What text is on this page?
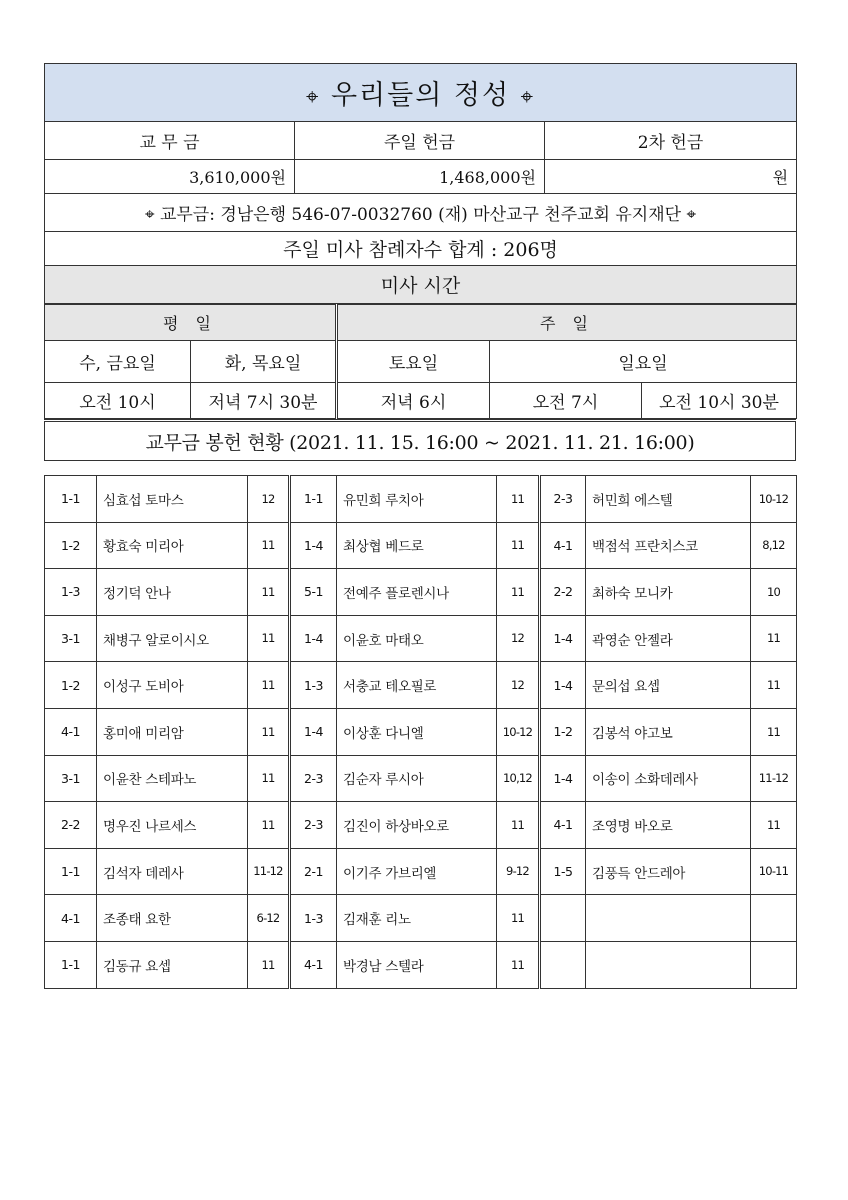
⌖ 우리들의 정성 ⌖		
교 무 금	주일 헌금	2차 헌금
3,610,000원	1,468,000원	원
⌖ 교무금: 경남은행 546-07-0032760 (재) 마산교구 천주교회 유지재단 ⌖		
주일 미사 참례자수 합계 : 206명		
미사 시간		
평 일		주 일		
수, 금요일	화, 목요일	토요일	일요일	
오전 10시	저녁 7시 30분	저녁 6시	오전 7시	오전 10시 30분
교무금 봉헌 현황 (2021. 11. 15. 16:00 ~ 2021. 11. 21. 16:00)
1-1	심효섭 토마스	12	1-1	유민희 루치아	11	2-3	허민희 에스텔	10-12
1-2	황효숙 미리아	11	1-4	최상협 베드로	11	4-1	백점석 프란치스코	8,12
1-3	정기덕 안나	11	5-1	전예주 플로렌시나	11	2-2	최하숙 모니카	10
3-1	채병구 알로이시오	11	1-4	이윤호 마태오	12	1-4	곽영순 안젤라	11
1-2	이성구 도비아	11	1-3	서충교 테오필로	12	1-4	문의섭 요셉	11
4-1	홍미애 미리암	11	1-4	이상훈 다니엘	10-12	1-2	김봉석 야고보	11
3-1	이윤찬 스테파노	11	2-3	김순자 루시아	10,12	1-4	이송이 소화데레사	11-12
2-2	명우진 나르세스	11	2-3	김진이 하상바오로	11	4-1	조영명 바오로	11
1-1	김석자 데레사	11-12	2-1	이기주 가브리엘	9-12	1-5	김풍득 안드레아	10-11
4-1	조종태 요한	6-12	1-3	김재훈 리노	11			
1-1	김동규 요셉	11	4-1	박경남 스텔라	11			
